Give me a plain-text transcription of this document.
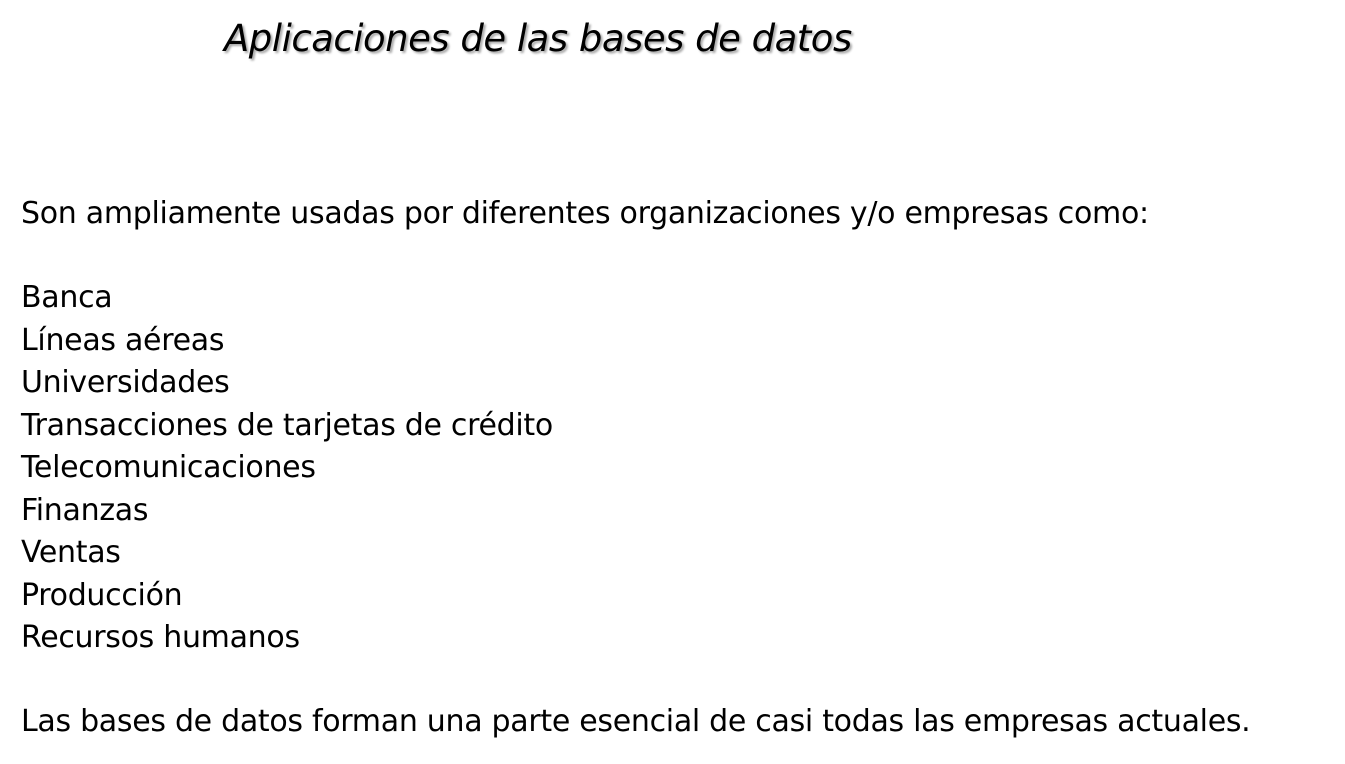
Aplicaciones de las bases de datos
Son ampliamente usadas por diferentes organizaciones y/o empresas como:
Banca
Líneas aéreas
Universidades
Transacciones de tarjetas de crédito
Telecomunicaciones
Finanzas
Ventas
Producción
Recursos humanos
Las bases de datos forman una parte esencial de casi todas las empresas actuales.
